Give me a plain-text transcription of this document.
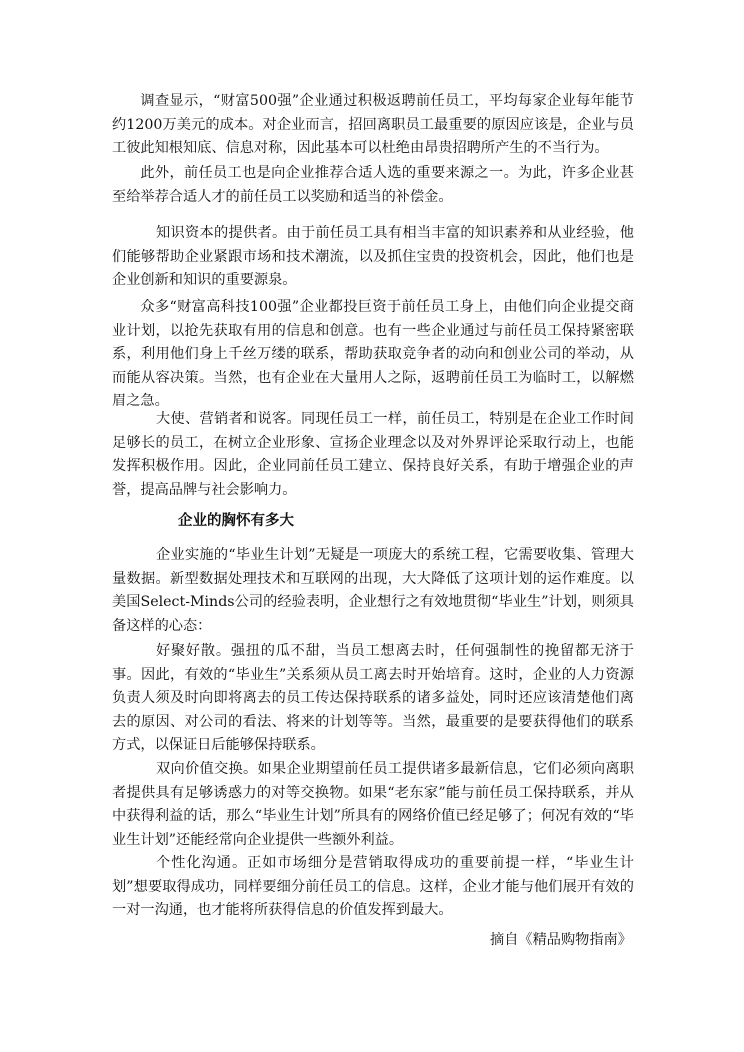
调查显示，“财富500强”企业通过积极返聘前任员工，平均每家企业每年能节约1200万美元的成本。对企业而言，招回离职员工最重要的原因应该是，企业与员工彼此知根知底、信息对称，因此基本可以杜绝由昂贵招聘所产生的不当行为。

此外，前任员工也是向企业推荐合适人选的重要来源之一。为此，许多企业甚至给举荐合适人才的前任员工以奖励和适当的补偿金。

知识资本的提供者。由于前任员工具有相当丰富的知识素养和从业经验，他们能够帮助企业紧跟市场和技术潮流，以及抓住宝贵的投资机会，因此，他们也是企业创新和知识的重要源泉。

众多“财富高科技100强”企业都投巨资于前任员工身上，由他们向企业提交商业计划，以抢先获取有用的信息和创意。也有一些企业通过与前任员工保持紧密联系，利用他们身上千丝万缕的联系，帮助获取竞争者的动向和创业公司的举动，从而能从容决策。当然，也有企业在大量用人之际，返聘前任员工为临时工，以解燃眉之急。

大使、营销者和说客。同现任员工一样，前任员工，特别是在企业工作时间足够长的员工，在树立企业形象、宣扬企业理念以及对外界评论采取行动上，也能发挥积极作用。因此，企业同前任员工建立、保持良好关系，有助于增强企业的声誉，提高品牌与社会影响力。

企业的胸怀有多大

企业实施的“毕业生计划”无疑是一项庞大的系统工程，它需要收集、管理大量数据。新型数据处理技术和互联网的出现，大大降低了这项计划的运作难度。以美国Select-Minds公司的经验表明，企业想行之有效地贯彻“毕业生”计划，则须具备这样的心态：

好聚好散。强扭的瓜不甜，当员工想离去时，任何强制性的挽留都无济于事。因此，有效的“毕业生”关系须从员工离去时开始培育。这时，企业的人力资源负责人须及时向即将离去的员工传达保持联系的诸多益处，同时还应该清楚他们离去的原因、对公司的看法、将来的计划等等。当然，最重要的是要获得他们的联系方式，以保证日后能够保持联系。

双向价值交换。如果企业期望前任员工提供诸多最新信息，它们必须向离职者提供具有足够诱惑力的对等交换物。如果“老东家”能与前任员工保持联系，并从中获得利益的话，那么“毕业生计划”所具有的网络价值已经足够了；何况有效的“毕业生计划”还能经常向企业提供一些额外利益。

个性化沟通。正如市场细分是营销取得成功的重要前提一样，“毕业生计划”想要取得成功，同样要细分前任员工的信息。这样，企业才能与他们展开有效的一对一沟通，也才能将所获得信息的价值发挥到最大。

摘自《精品购物指南》
